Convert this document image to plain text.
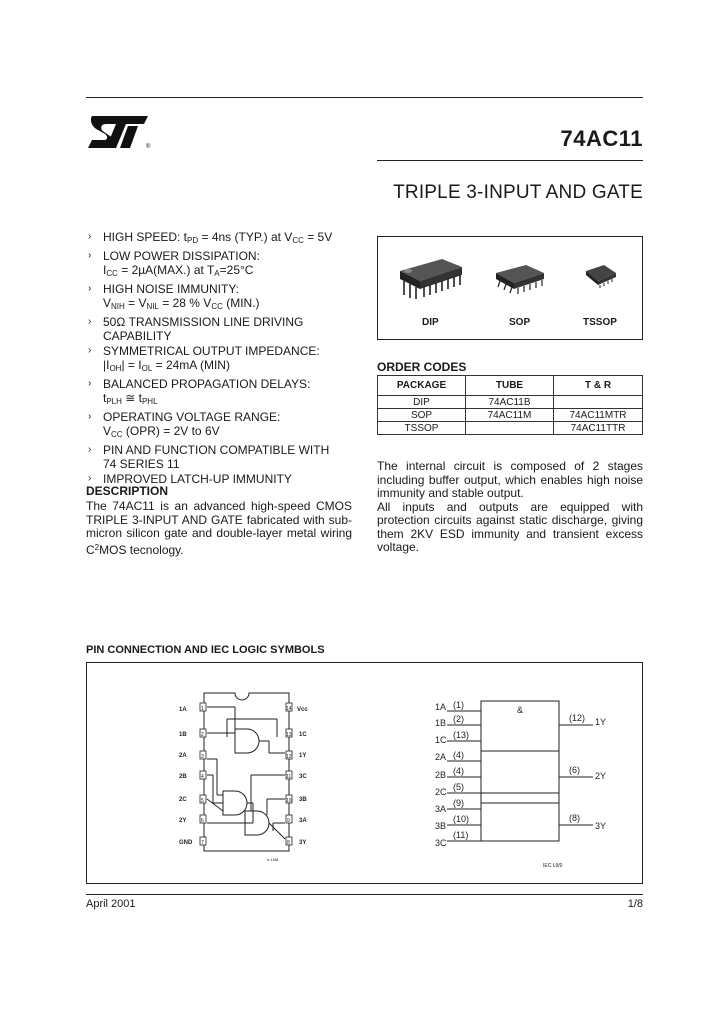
®	74AC11
TRIPLE 3-INPUT AND GATE
› HIGH SPEED: $t_{PD} = 4ns$ (TYP.) at $V_{CC} = 5V$
› LOW POWER DISSIPATION:
$I_{CC} = 2\mu A(MAX.)$ at $T_A=25^\circ C$
› HIGH NOISE IMMUNITY:
$V_{NIH} = V_{NIL} = 28$ % $V_{CC}$ (MIN.)
› 50Ω TRANSMISSION LINE DRIVING
CAPABILITY
› SYMMETRICAL OUTPUT IMPEDANCE:
$|I_{OH}| = I_{OL} = 24mA$ (MIN)
› BALANCED PROPAGATION DELAYS:
$t_{PLH}$ ≅ $t_{PHL}$
› OPERATING VOLTAGE RANGE:
$V_{CC}$ (OPR) = 2V to 6V
› PIN AND FUNCTION COMPATIBLE WITH
74 SERIES 11
› IMPROVED LATCH-UP IMMUNITY
DESCRIPTION
The 74AC11 is an advanced high-speed CMOS TRIPLE 3-INPUT AND GATE fabricated with sub-micron silicon gate and double-layer metal wiring $C^2MOS$ tecnology.
DIP	SOP	TSSOP
ORDER CODES
PACKAGE	TUBE	T & R
DIP	74AC11B	
SOP	74AC11M	74AC11MTR
TSSOP		74AC11TTR
The internal circuit is composed of 2 stages including buffer output, which enables high noise immunity and stable output.
All inputs and outputs are equipped with protection circuits against static discharge, giving them 2KV ESD immunity and transient excess voltage.
PIN CONNECTION AND IEC LOGIC SYMBOLS
1
2
3
4
5
6
7
14
13
12
11
10
9
8
1A
1B
2A
2B
2C
2Y
GND
Vсс
1C
1Y
3C
3B
3A
3Y
ir-10M
&
1A
1B
1C
2A
2B
2C
3A
3B
3C
(1)
(2)
(13)
(4)
(4)
(5)
(9)
(10)
(11)
(12)
(6)
(8)
1Y
2Y
3Y
IEC L9/0
April 2001	1/8
